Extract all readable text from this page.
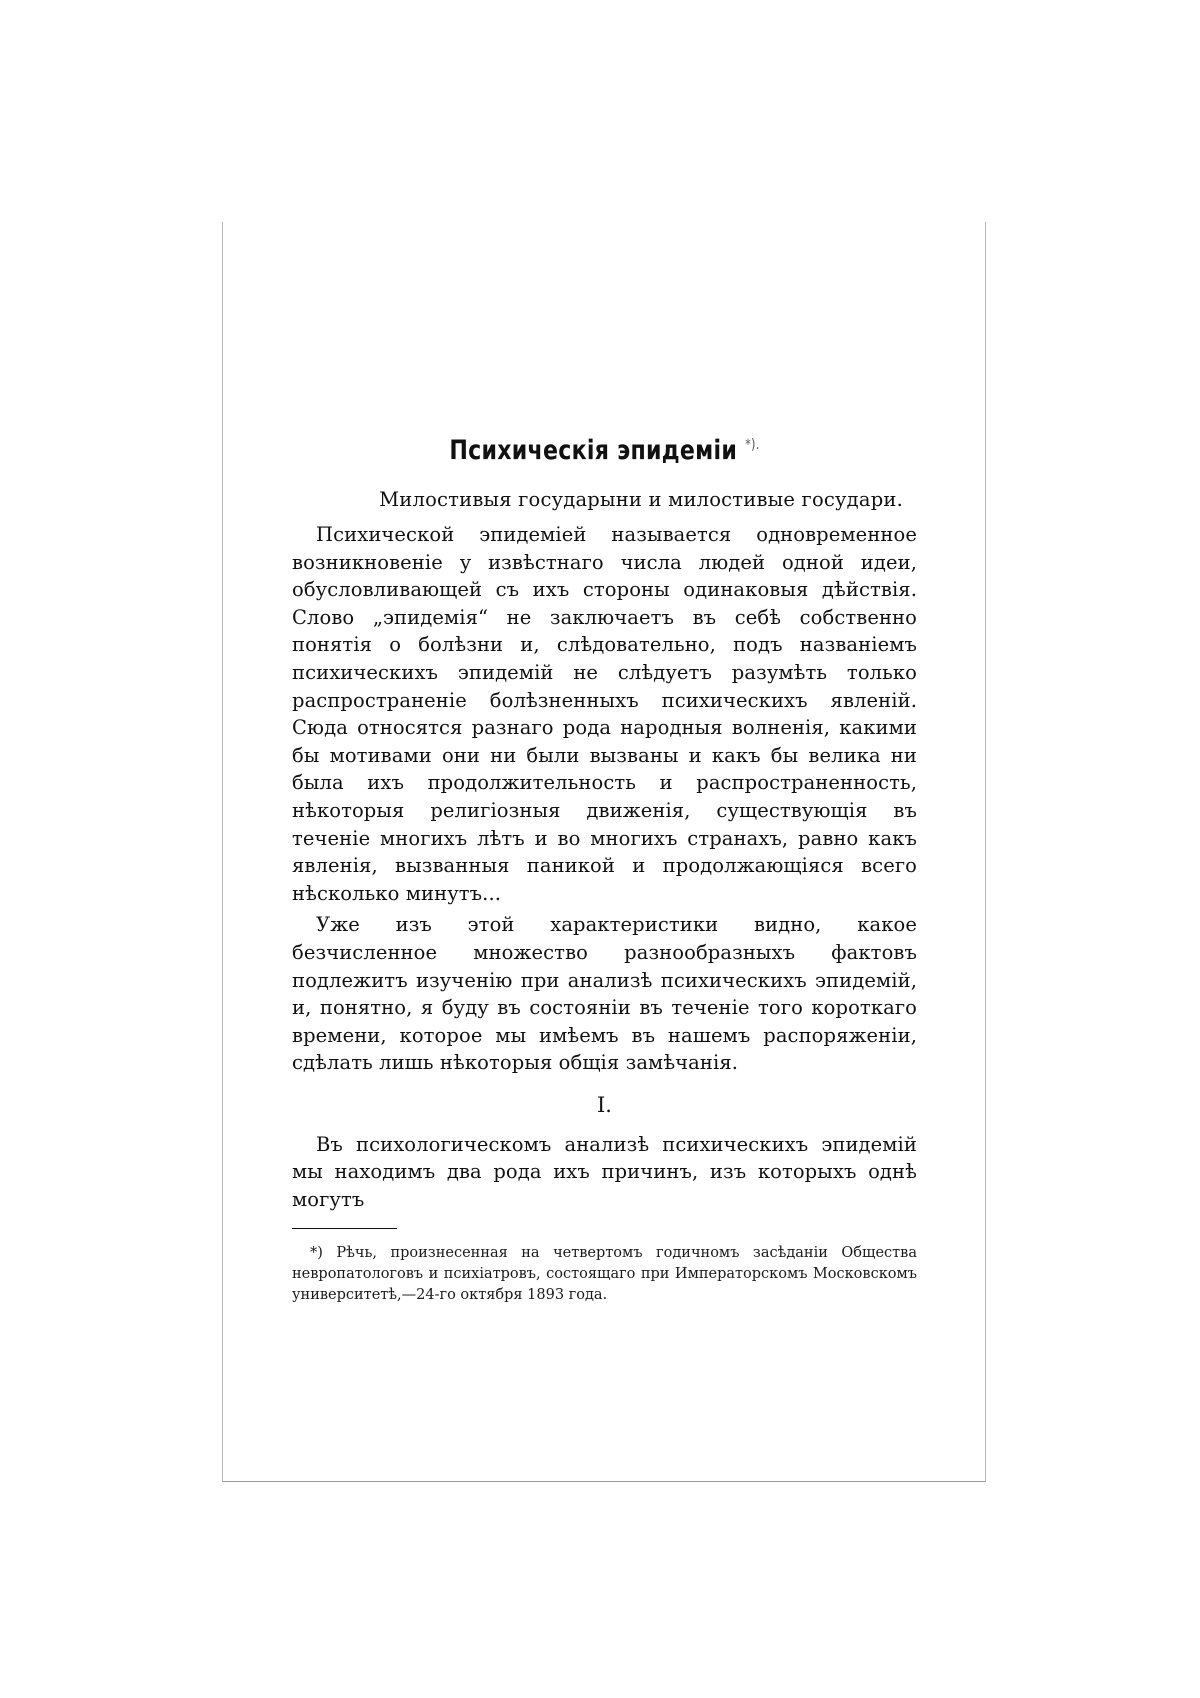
Психическія эпидеміи *).

Милостивыя государыни и милостивые государи.

Психической эпидеміей называется одновременное возникновеніе у извѣстнаго числа людей одной идеи, обусловливающей съ ихъ стороны одинаковыя дѣйствія. Слово „эпидемія“ не заключаетъ въ себѣ собственно понятія о болѣзни и, слѣдовательно, подъ названіемъ психическихъ эпидемій не слѣдуетъ разумѣть только распространеніе болѣзненныхъ психическихъ явленій. Сюда относятся разнаго рода народныя волненія, какими бы мотивами они ни были вызваны и какъ бы велика ни была ихъ продолжительность и распространенность, нѣкоторыя религіозныя движенія, существующія въ теченіе многихъ лѣтъ и во многихъ странахъ, равно какъ явленія, вызванныя паникой и продолжающіяся всего нѣсколько минутъ...

Уже изъ этой характеристики видно, какое безчисленное множество разнообразныхъ фактовъ подлежитъ изученію при анализѣ психическихъ эпидемій, и, понятно, я буду въ состояніи въ теченіе того короткаго времени, которое мы имѣемъ въ нашемъ распоряженіи, сдѣлать лишь нѣкоторыя общія замѣчанія.

I.

Въ психологическомъ анализѣ психическихъ эпидемій мы находимъ два рода ихъ причинъ, изъ которыхъ однѣ могутъ

*) Рѣчь, произнесенная на четвертомъ годичномъ засѣданіи Общества невропатологовъ и психіатровъ, состоящаго при Императорскомъ Московскомъ университетѣ,—24-го октября 1893 года.
